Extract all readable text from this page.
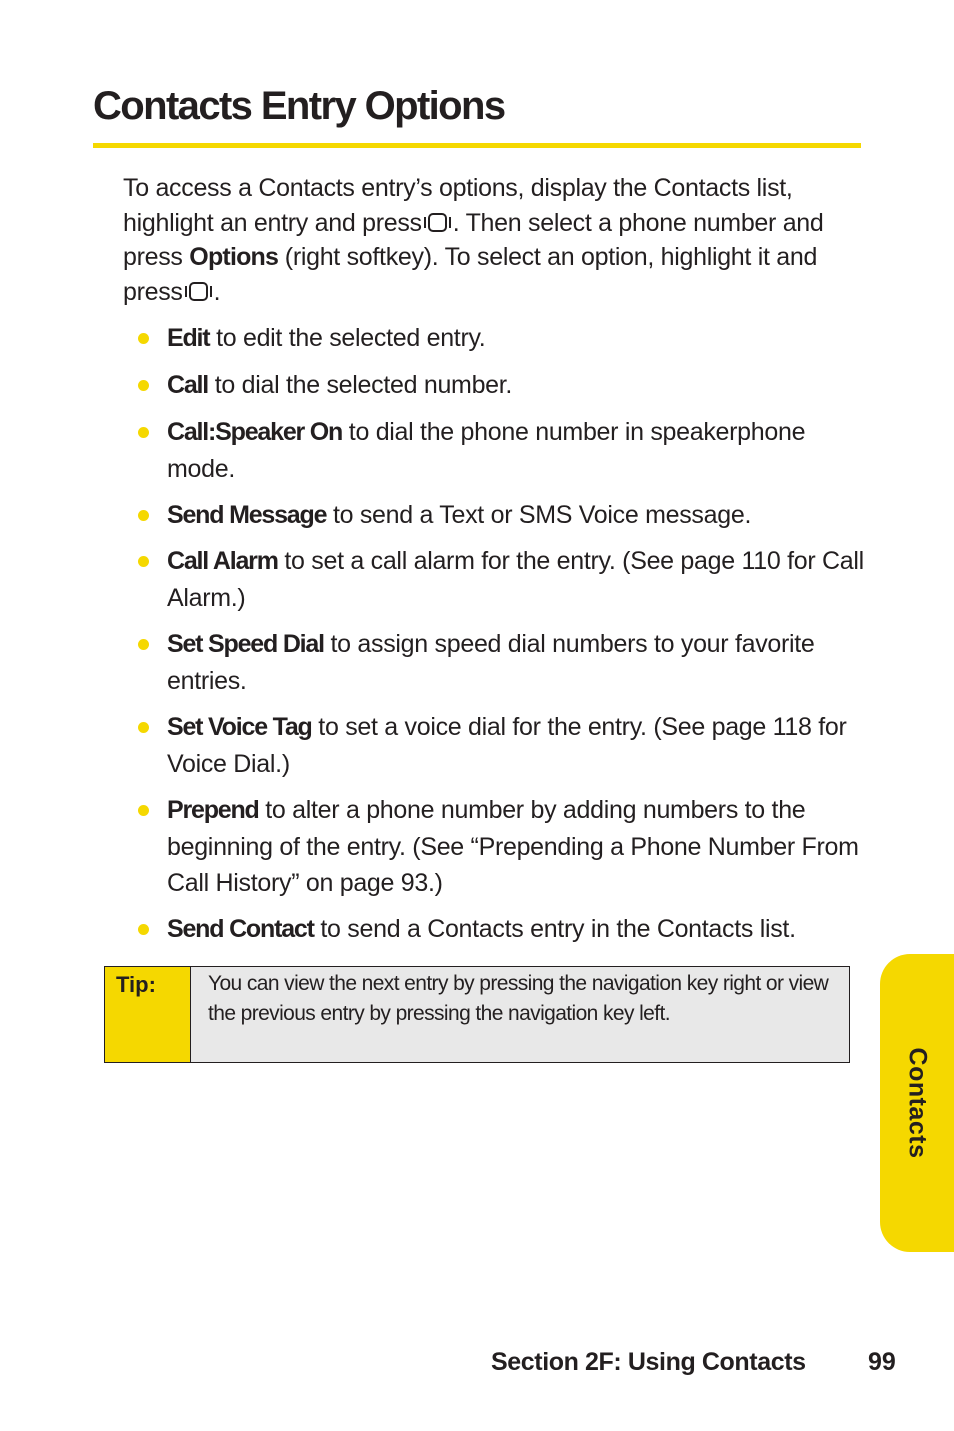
Contacts Entry Options

To access a Contacts entry’s options, display the Contacts list, highlight an entry and press . Then select a phone number and press Options (right softkey). To select an option, highlight it and press .

Edit to edit the selected entry.
Call to dial the selected number.
Call:Speaker On to dial the phone number in speakerphone mode.
Send Message to send a Text or SMS Voice message.
Call Alarm to set a call alarm for the entry. (See page 110 for Call Alarm.)
Set Speed Dial to assign speed dial numbers to your favorite entries.
Set Voice Tag to set a voice dial for the entry. (See page 118 for Voice Dial.)
Prepend to alter a phone number by adding numbers to the beginning of the entry. (See “Prepending a Phone Number From Call History” on page 93.)
Send Contact to send a Contacts entry in the Contacts list.
Tip:	You can view the next entry by pressing the navigation key right or view the previous entry by pressing the navigation key left.
Contacts
Section 2F: Using Contacts 99
